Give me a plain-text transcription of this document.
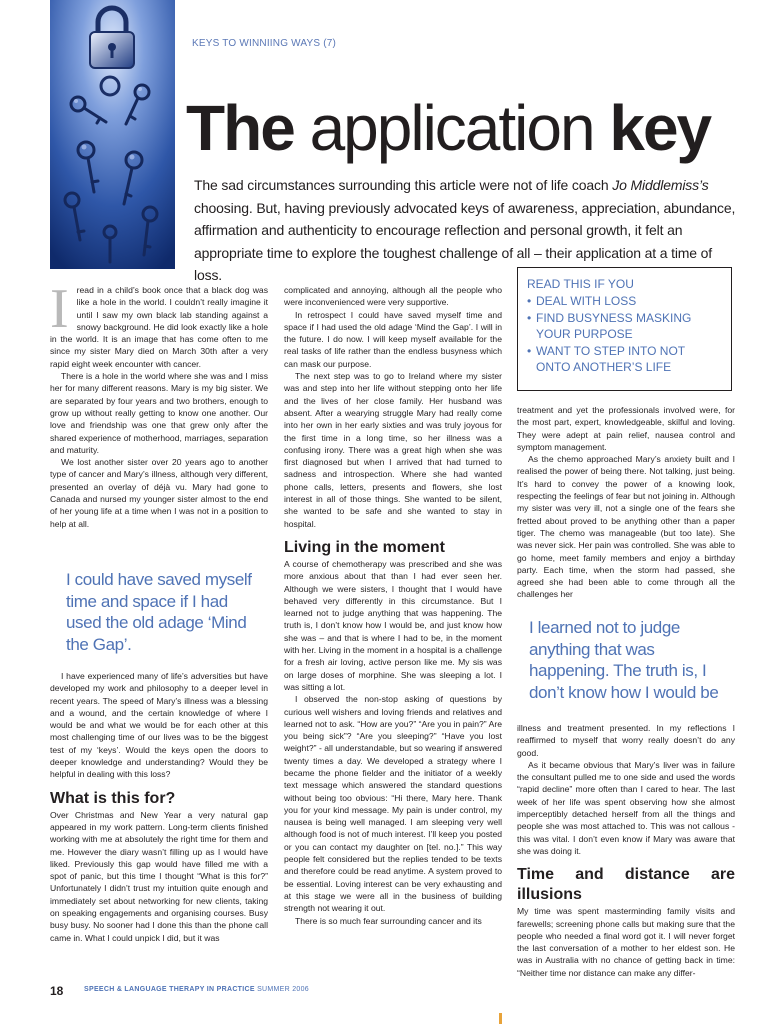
KEYS TO WINNIING WAYS (7)
The application key
The sad circumstances surrounding this article were not of life coach Jo Middlemiss’s choosing. But, having previously advocated keys of awareness, appreciation, abundance, affirmation and authenticity to encourage reflection and personal growth, it felt an appropriate time to explore the toughest challenge of all – their application at a time of loss.
I read in a child’s book once that a black dog was like a hole in the world. I couldn’t really imagine it until I saw my own black lab standing against a snowy background. He did look exactly like a hole in the world. It is an image that has come often to me since my sister Mary died on March 30th after a very rapid eight week encounter with cancer.

There is a hole in the world where she was and I miss her for many different reasons. Mary is my big sister. We are separated by four years and two brothers, enough to grow up without really getting to know one another. Our love and friendship was one that grew only after the shared experience of motherhood, marriages, separation and maturity.

We lost another sister over 20 years ago to another type of cancer and Mary’s illness, although very different, presented an overlay of déjà vu. Mary had gone to Canada and nursed my younger sister almost to the end of her young life at a time when I was not in a position to help at all.

I could have saved myself time and space if I had used the old adage ‘Mind the Gap’.

I have experienced many of life’s adversities but have developed my work and philosophy to a deeper level in recent years. The speed of Mary’s illness was a blessing and a wound, and the certain knowledge of where I would be and what we would be for each other at this most challenging time of our lives was to be the biggest test of my ‘keys’. Would the keys open the doors to deeper knowledge and understanding? Would they be helpful in dealing with this loss?

What is this for?

Over Christmas and New Year a very natural gap appeared in my work pattern. Long-term clients finished working with me at absolutely the right time for them and me. However the diary wasn’t filling up as I would have liked. Previously this gap would have filled me with a spot of panic, but this time I thought “What is this for?” Unfortunately I didn’t trust my intuition quite enough and immediately set about networking for new clients, taking on speaking engagements and organising courses. Busy busy busy. No sooner had I done this than the phone call came in. What I could unpick I did, but it was

complicated and annoying, although all the people who were inconvenienced were very supportive.

In retrospect I could have saved myself time and space if I had used the old adage ‘Mind the Gap’. I will in the future. I do now. I will keep myself available for the real tasks of life rather than the endless busyness which can mask our purpose.

The next step was to go to Ireland where my sister was and step into her life without stepping onto her life and the lives of her close family. Her husband was absent. After a wearying struggle Mary had really come into her own in her early sixties and was truly joyous for the first time in a long time, so her illness was a confusing irony. There was a great high when she was first diagnosed but when I arrived that had turned to sadness and introspection. Where she had wanted phone calls, letters, presents and flowers, she lost interest in all of those things. She wanted to be silent, she wanted to be safe and she wanted to stay in hospital.

Living in the moment

A course of chemotherapy was prescribed and she was more anxious about that than I had ever seen her. Although we were sisters, I thought that I would have behaved very differently in this circumstance. But I learned not to judge anything that was happening. The truth is, I don’t know how I would be, and just know how she was – and that is where I had to be, in the moment with her. Living in the moment in a hospital is a challenge for a fresh air loving, active person like me. My sis was on large doses of morphine. She was sleeping a lot. I was sitting a lot.

I observed the non-stop asking of questions by curious well wishers and loving friends and relatives and learned not to ask. “How are you?” “Are you in pain?” Are you being sick”? “Are you sleeping?” “Have you lost weight?” - all understandable, but so wearing if answered twenty times a day. We developed a strategy where I became the phone fielder and the initiator of a weekly text message which answered the standard questions without being too obvious: “Hi there, Mary here. Thank you for your kind message. My pain is under control, my nausea is being well managed. I am sleeping very well although food is not of much interest. I’ll keep you posted or you can contact my daughter on [tel. no.].” This way people felt considered but the replies tended to be texts and therefore could be read anytime. A system proved to be essential. Loving interest can be very exhausting and at this stage we were all in the business of building strength not wearing it out.

There is so much fear surrounding cancer and its

READ THIS IF YOU
• DEAL WITH LOSS
• FIND BUSYNESS MASKING YOUR PURPOSE
• WANT TO STEP INTO NOT ONTO ANOTHER’S LIFE

treatment and yet the professionals involved were, for the most part, expert, knowledgeable, skilful and loving. They were adept at pain relief, nausea control and symptom management.

As the chemo approached Mary’s anxiety built and I realised the power of being there. Not talking, just being. It’s hard to convey the power of a knowing look, respecting the feelings of fear but not joining in. Although my sister was very ill, not a single one of the fears she fretted about proved to be anything other than a paper tiger. The chemo was manageable (but too late). She was never sick. Her pain was controlled. She was able to go home, meet family members and enjoy a birthday party. Each time, when the storm had passed, she agreed she had been able to come through all the challenges her

I learned not to judge anything that was happening. The truth is, I don’t know how I would be

illness and treatment presented. In my reflections I reaffirmed to myself that worry really doesn’t do any good.

As it became obvious that Mary’s liver was in failure the consultant pulled me to one side and used the words “rapid decline” more often than I cared to hear. The last week of her life was spent observing how she almost imperceptibly detached herself from all the things and people she was most attached to. This was not callous - this was vital. I don’t even know if Mary was aware that she was doing it.

Time and distance are illusions

My time was spent masterminding family visits and farewells; screening phone calls but making sure that the people who needed a final word got it. I will never forget the last conversation of a mother to her eldest son. He was in Australia with no chance of getting back in time: “Neither time nor distance can make any differ-

18	SPEECH & LANGUAGE THERAPY IN PRACTICE SUMMER 2006
